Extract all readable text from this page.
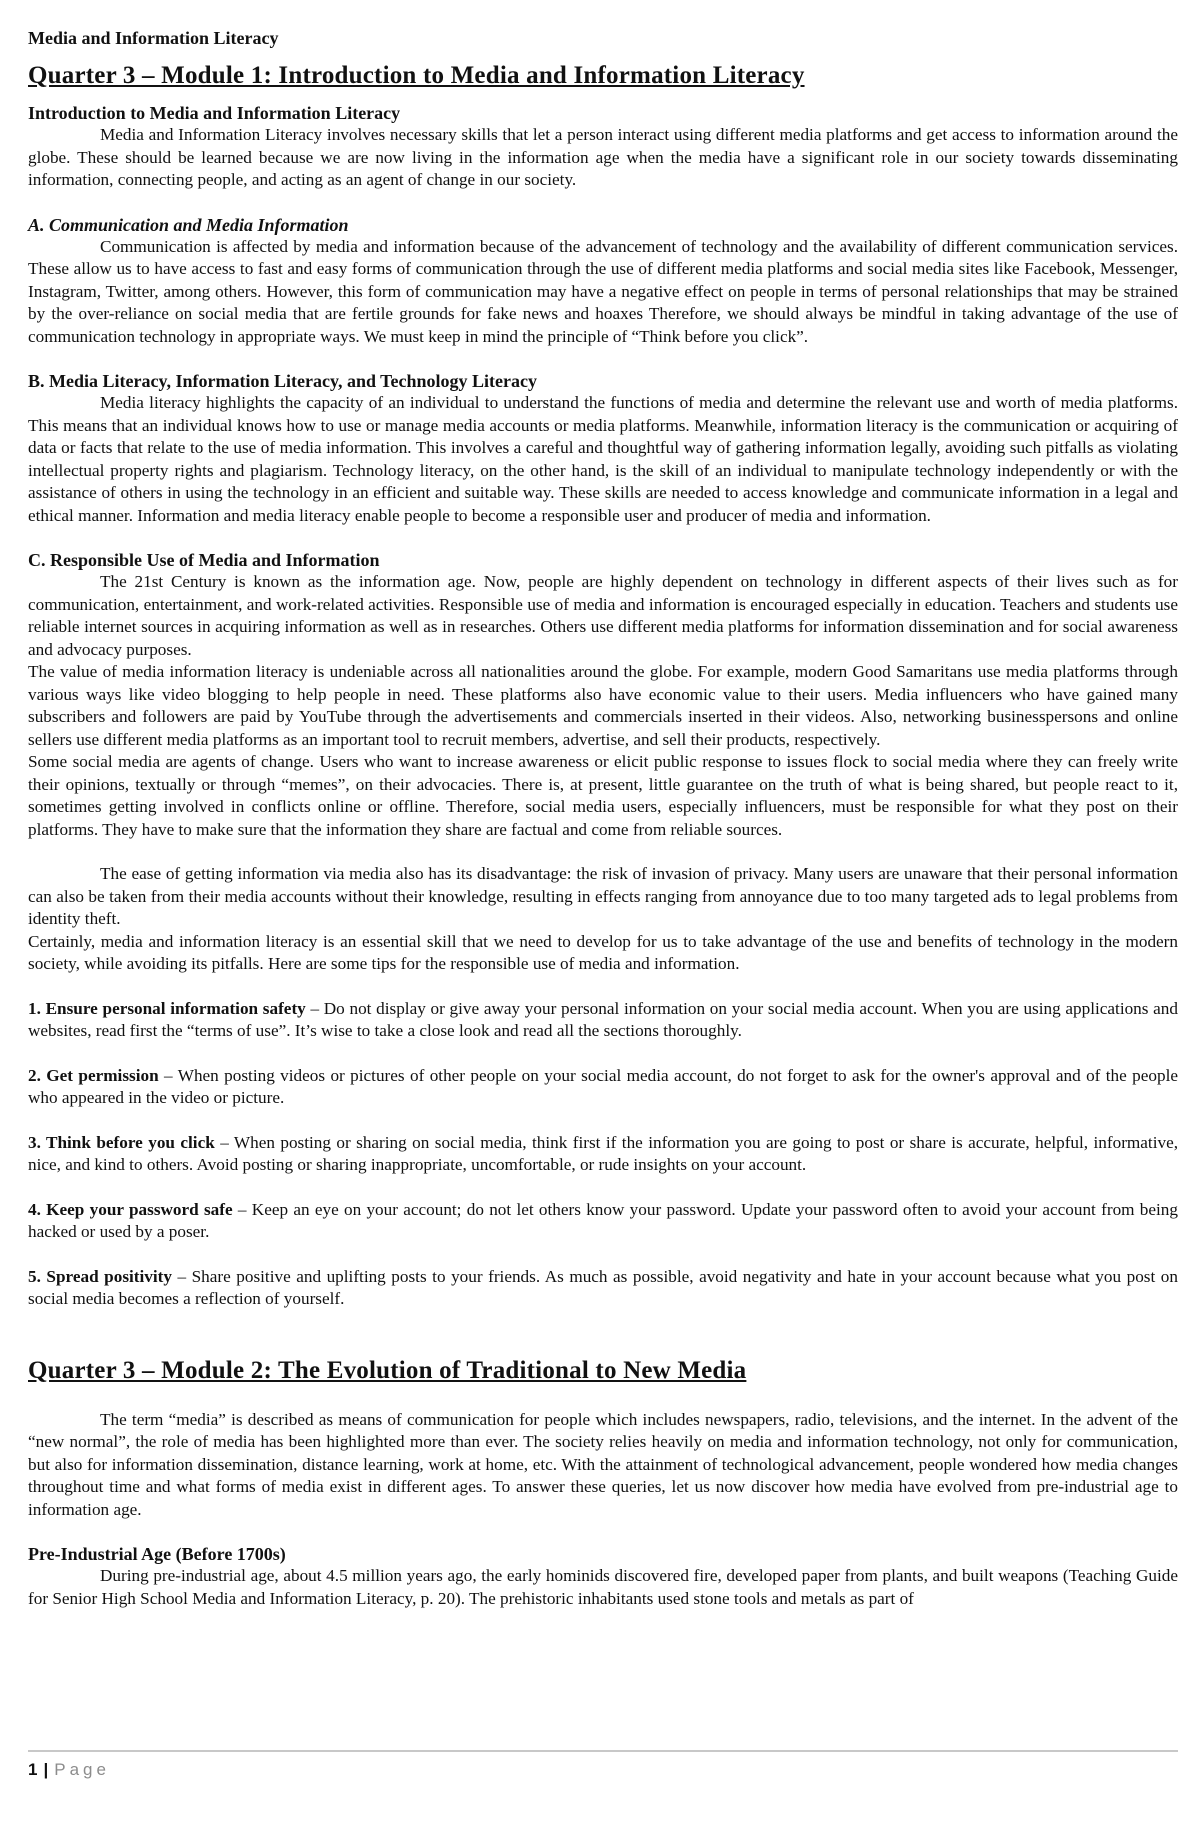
Media and Information Literacy
Quarter 3 – Module 1: Introduction to Media and Information Literacy
Introduction to Media and Information Literacy

Media and Information Literacy involves necessary skills that let a person interact using different media platforms and get access to information around the globe. These should be learned because we are now living in the information age when the media have a significant role in our society towards disseminating information, connecting people, and acting as an agent of change in our society.

A. Communication and Media Information

Communication is affected by media and information because of the advancement of technology and the availability of different communication services. These allow us to have access to fast and easy forms of communication through the use of different media platforms and social media sites like Facebook, Messenger, Instagram, Twitter, among others. However, this form of communication may have a negative effect on people in terms of personal relationships that may be strained by the over-reliance on social media that are fertile grounds for fake news and hoaxes Therefore, we should always be mindful in taking advantage of the use of communication technology in appropriate ways. We must keep in mind the principle of “Think before you click”.

B. Media Literacy, Information Literacy, and Technology Literacy

Media literacy highlights the capacity of an individual to understand the functions of media and determine the relevant use and worth of media platforms. This means that an individual knows how to use or manage media accounts or media platforms. Meanwhile, information literacy is the communication or acquiring of data or facts that relate to the use of media information. This involves a careful and thoughtful way of gathering information legally, avoiding such pitfalls as violating intellectual property rights and plagiarism. Technology literacy, on the other hand, is the skill of an individual to manipulate technology independently or with the assistance of others in using the technology in an efficient and suitable way. These skills are needed to access knowledge and communicate information in a legal and ethical manner. Information and media literacy enable people to become a responsible user and producer of media and information.

C. Responsible Use of Media and Information

The 21st Century is known as the information age. Now, people are highly dependent on technology in different aspects of their lives such as for communication, entertainment, and work-related activities. Responsible use of media and information is encouraged especially in education. Teachers and students use reliable internet sources in acquiring information as well as in researches. Others use different media platforms for information dissemination and for social awareness and advocacy purposes.

The value of media information literacy is undeniable across all nationalities around the globe. For example, modern Good Samaritans use media platforms through various ways like video blogging to help people in need. These platforms also have economic value to their users. Media influencers who have gained many subscribers and followers are paid by YouTube through the advertisements and commercials inserted in their videos. Also, networking businesspersons and online sellers use different media platforms as an important tool to recruit members, advertise, and sell their products, respectively.

Some social media are agents of change. Users who want to increase awareness or elicit public response to issues flock to social media where they can freely write their opinions, textually or through “memes”, on their advocacies. There is, at present, little guarantee on the truth of what is being shared, but people react to it, sometimes getting involved in conflicts online or offline. Therefore, social media users, especially influencers, must be responsible for what they post on their platforms. They have to make sure that the information they share are factual and come from reliable sources.

The ease of getting information via media also has its disadvantage: the risk of invasion of privacy. Many users are unaware that their personal information can also be taken from their media accounts without their knowledge, resulting in effects ranging from annoyance due to too many targeted ads to legal problems from identity theft.

Certainly, media and information literacy is an essential skill that we need to develop for us to take advantage of the use and benefits of technology in the modern society, while avoiding its pitfalls. Here are some tips for the responsible use of media and information.

1. Ensure personal information safety – Do not display or give away your personal information on your social media account. When you are using applications and websites, read first the “terms of use”. It’s wise to take a close look and read all the sections thoroughly.

2. Get permission – When posting videos or pictures of other people on your social media account, do not forget to ask for the owner's approval and of the people who appeared in the video or picture.

3. Think before you click – When posting or sharing on social media, think first if the information you are going to post or share is accurate, helpful, informative, nice, and kind to others. Avoid posting or sharing inappropriate, uncomfortable, or rude insights on your account.

4. Keep your password safe – Keep an eye on your account; do not let others know your password. Update your password often to avoid your account from being hacked or used by a poser.

5. Spread positivity – Share positive and uplifting posts to your friends. As much as possible, avoid negativity and hate in your account because what you post on social media becomes a reflection of yourself.

Quarter 3 – Module 2: The Evolution of Traditional to New Media

The term “media” is described as means of communication for people which includes newspapers, radio, televisions, and the internet. In the advent of the “new normal”, the role of media has been highlighted more than ever. The society relies heavily on media and information technology, not only for communication, but also for information dissemination, distance learning, work at home, etc. With the attainment of technological advancement, people wondered how media changes throughout time and what forms of media exist in different ages. To answer these queries, let us now discover how media have evolved from pre-industrial age to information age.

Pre-Industrial Age (Before 1700s)

During pre-industrial age, about 4.5 million years ago, the early hominids discovered fire, developed paper from plants, and built weapons (Teaching Guide for Senior High School Media and Information Literacy, p. 20). The prehistoric inhabitants used stone tools and metals as part of

1 | Page
